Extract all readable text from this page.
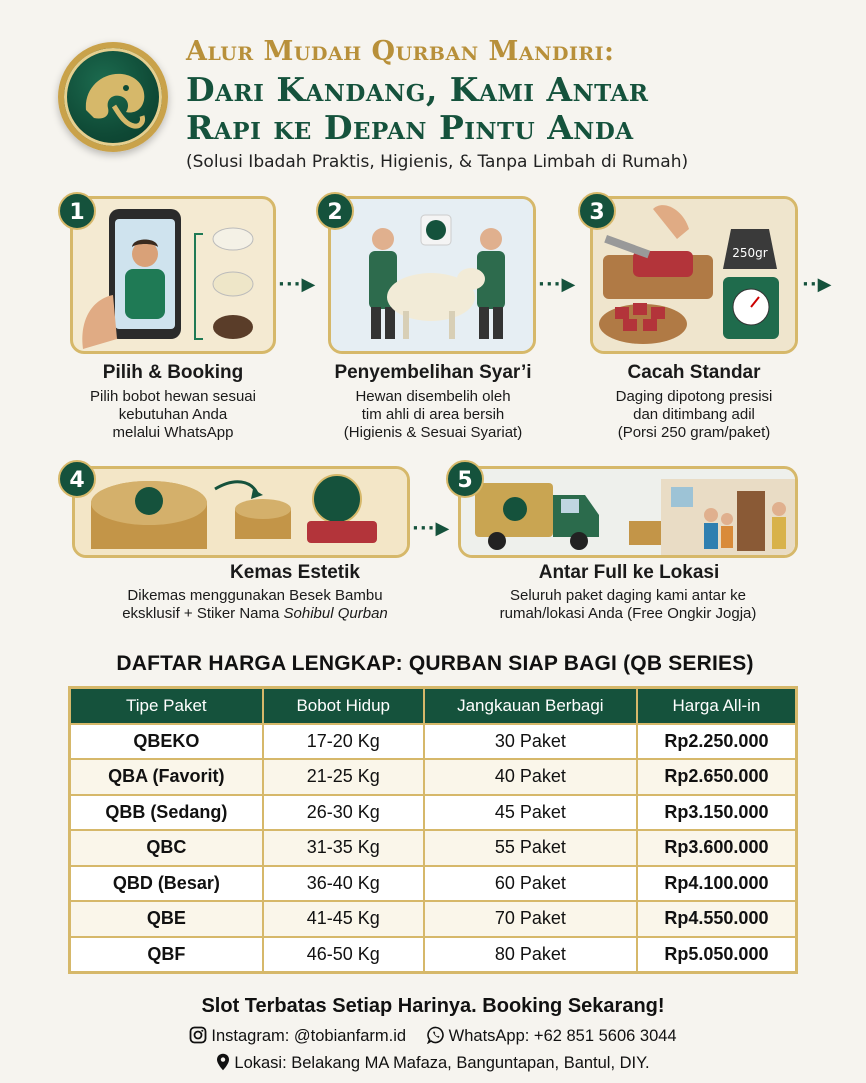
Alur Mudah Qurban Mandiri:
Dari Kandang, Kami Antar
Rapi ke Depan Pintu Anda
(Solusi Ibadah Praktis, Higienis, & Tanpa Limbah di Rumah)
1
Pilih & Booking
Pilih bobot hewan sesuai
kebutuhan Anda
melalui WhatsApp
···▶
2
Penyembelihan Syar’i
Hewan disembelih oleh
tim ahli di area bersih
(Higienis & Sesuai Syariat)
···▶
3
250gr
Cacah Standar
Daging dipotong presisi
dan ditimbang adil
(Porsi 250 gram/paket)
··▶
4
Kemas Estetik
Dikemas menggunakan Besek Bambu
eksklusif + Stiker Nama Sohibul Qurban
···▶
5
Antar Full ke Lokasi
Seluruh paket daging kami antar ke
rumah/lokasi Anda (Free Ongkir Jogja)
DAFTAR HARGA LENGKAP: QURBAN SIAP BAGI (QB SERIES)
Tipe Paket	Bobot Hidup	Jangkauan Berbagi	Harga All-in
QBEKO	17-20 Kg	30 Paket	Rp2.250.000
QBA (Favorit)	21-25 Kg	40 Paket	Rp2.650.000
QBB (Sedang)	26-30 Kg	45 Paket	Rp3.150.000
QBC	31-35 Kg	55 Paket	Rp3.600.000
QBD (Besar)	36-40 Kg	60 Paket	Rp4.100.000
QBE	41-45 Kg	70 Paket	Rp4.550.000
QBF	46-50 Kg	80 Paket	Rp5.050.000
Slot Terbatas Setiap Harinya. Booking Sekarang!
Instagram: @tobianfarm.id	WhatsApp: +62 851 5606 3044
Lokasi: Belakang MA Mafaza, Banguntapan, Bantul, DIY.
